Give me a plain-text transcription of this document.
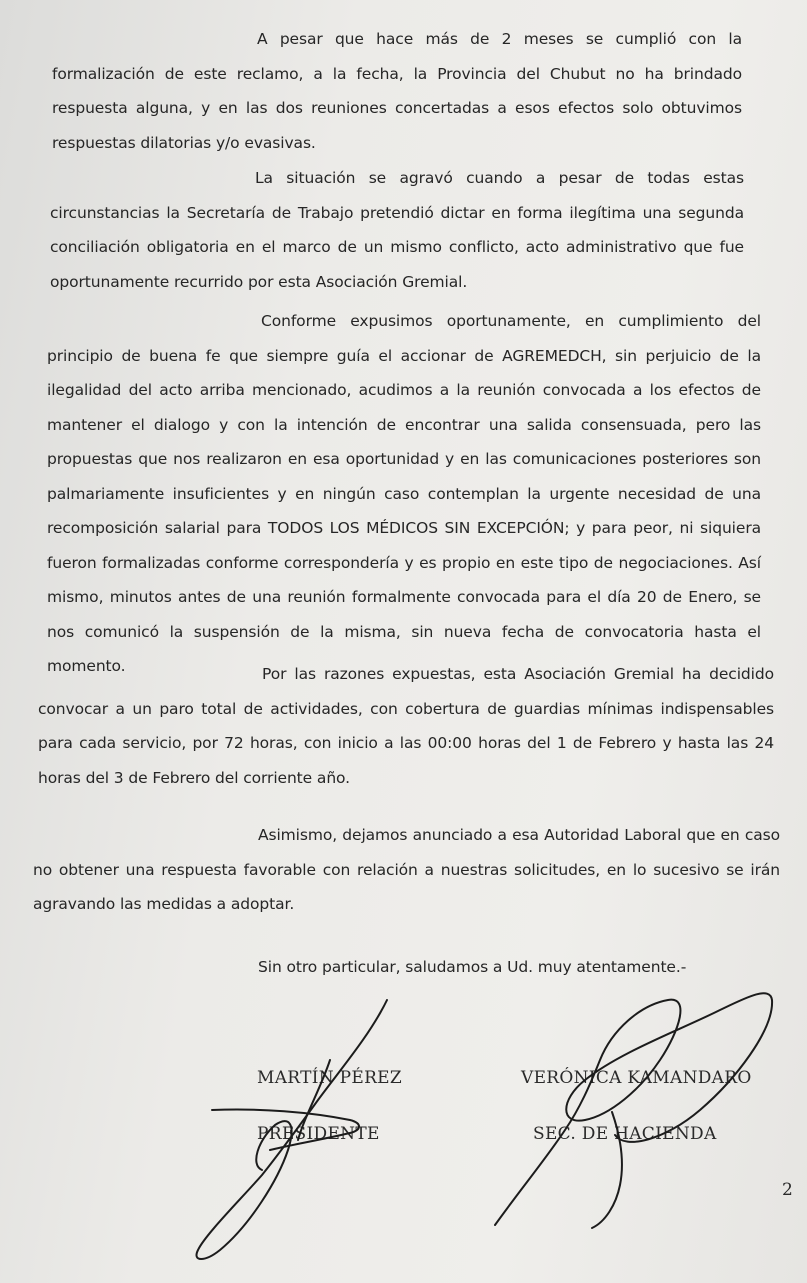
A pesar que hace más de 2 meses se cumplió con la formalización de este reclamo, a la fecha, la Provincia del Chubut no ha brindado respuesta alguna, y en las dos reuniones concertadas a esos efectos solo obtuvimos respuestas dilatorias y/o evasivas.

La situación se agravó cuando a pesar de todas estas circunstancias la Secretaría de Trabajo pretendió dictar en forma ilegítima una segunda conciliación obligatoria en el marco de un mismo conflicto, acto administrativo que fue oportunamente recurrido por esta Asociación Gremial.

Conforme expusimos oportunamente, en cumplimiento del principio de buena fe que siempre guía el accionar de AGREMEDCH, sin perjuicio de la ilegalidad del acto arriba mencionado, acudimos a la reunión convocada a los efectos de mantener el dialogo y con la intención de encontrar una salida consensuada, pero las propuestas que nos realizaron en esa oportunidad y en las comunicaciones posteriores son palmariamente insuficientes y en ningún caso contemplan la urgente necesidad de una recomposición salarial para TODOS LOS MÉDICOS SIN EXCEPCIÓN; y para peor, ni siquiera fueron formalizadas conforme correspondería y es propio en este tipo de negociaciones. Así mismo, minutos antes de una reunión formalmente convocada para el día 20 de Enero, se nos comunicó la suspensión de la misma, sin nueva fecha de convocatoria hasta el momento.	Por las razones expuestas, esta Asociación Gremial ha decidido convocar a un paro total de actividades, con cobertura de guardias mínimas indispensables para cada servicio, por 72 horas, con inicio a las 00:00 horas del 1 de Febrero y hasta las 24 horas del 3 de Febrero del corriente año.

Asimismo, dejamos anunciado a esa Autoridad Laboral que en caso no obtener una respuesta favorable con relación a nuestras solicitudes, en lo sucesivo se irán agravando las medidas a adoptar.

Sin otro particular, saludamos a Ud. muy atentamente.-

MARTÍN PÉREZ
PRESIDENTE
VERÓNICA KAMANDARO
SEC. DE HACIENDA
2
